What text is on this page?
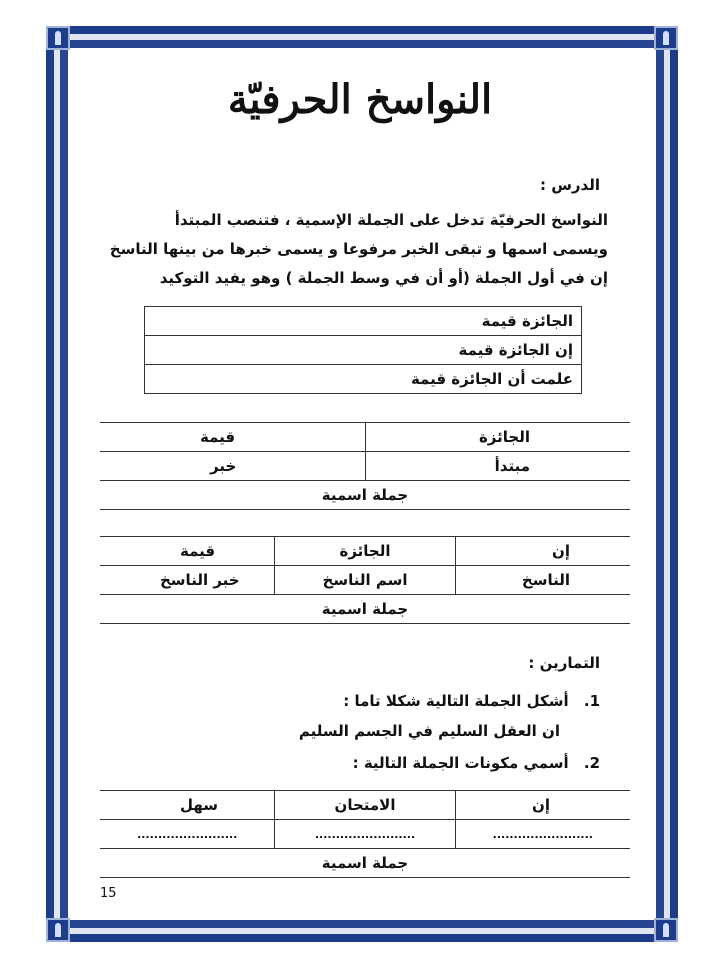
النواسخ الحرفيّة
الدرس :
النواسخ الحرفيّة تدخل على الجملة الإسمية ، فتنصب المبتدأ
ويسمى اسمها و تبقى الخبر مرفوعا و يسمى خبرها من بينها الناسخ
إن في أول الجملة (أو أن في وسط الجملة ) وهو يفيد التوكيد
الجائزة قيمة
إن الجائزة قيمة
علمت أن الجائزة قيمة
الجائزة	قيمة
مبتدأ	خبر
جملة اسمية	
إن	الجائزة	قيمة
الناسخ	اسم الناسخ	خبر الناسخ
جملة اسمية		
التمارين :
1. أشكل الجملة التالية شكلا تاما :
ان العقل السليم في الجسم السليم
2. أسمي مكونات الجملة التالية :
إن	الامتحان	سهل
........................	........................	........................
جملة اسمية		
15
